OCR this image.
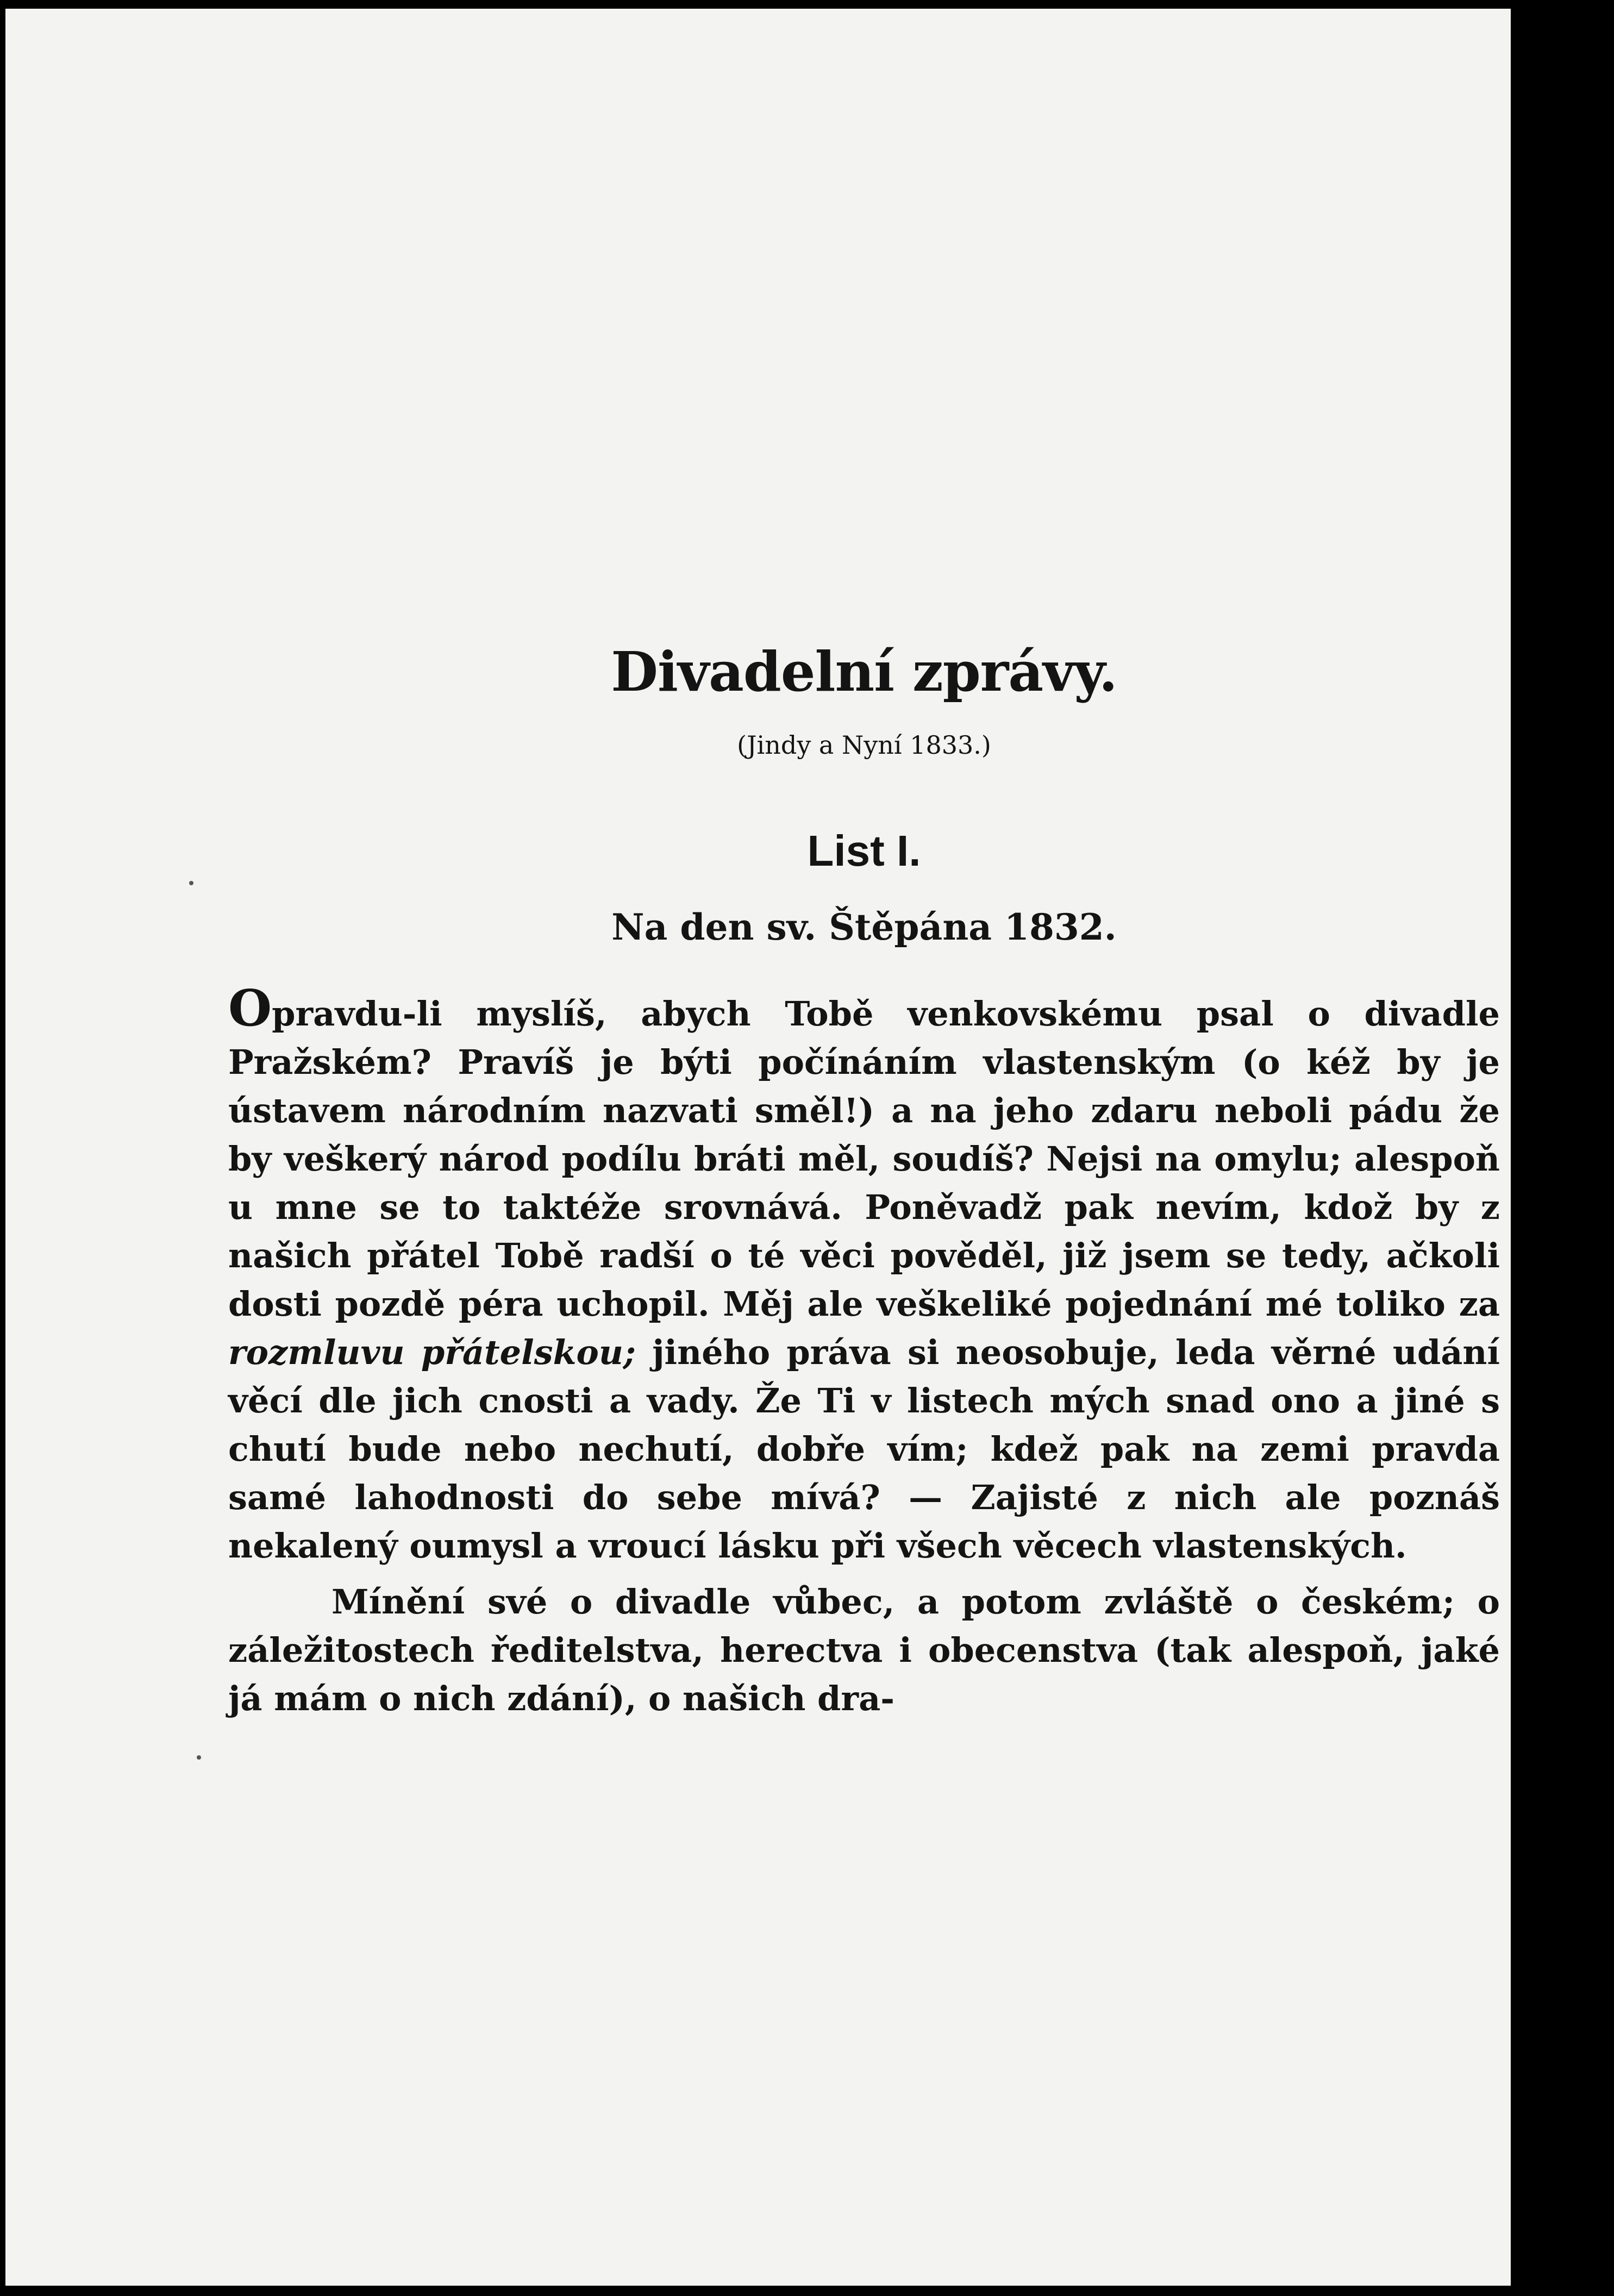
Divadelní zprávy.
(Jindy a Nyní 1833.)
List I.
Na den sv. Štěpána 1832.

Opravdu-li myslíš, abych Tobě venkovskému psal o divadle Pražském? Pravíš je býti počínáním vlastenským (o kéž by je ústavem národním nazvati směl!) a na jeho zdaru neboli pádu že by veškerý národ podílu bráti měl, soudíš? Nejsi na omylu; alespoň u mne se to taktéže srovnává. Poněvadž pak nevím, kdož by z našich přátel Tobě radší o té věci pověděl, již jsem se tedy, ačkoli dosti pozdě péra uchopil. Měj ale veškeliké pojednání mé toliko za rozmluvu přátelskou; jiného práva si neosobuje, leda věrné udání věcí dle jich cnosti a vady. Že Ti v listech mých snad ono a jiné s chutí bude nebo nechutí, dobře vím; kdež pak na zemi pravda samé lahodnosti do sebe mívá? — Zajisté z nich ale poznáš nekalený oumysl a vroucí lásku při všech věcech vlastenských.

Mínění své o divadle vůbec, a potom zvláště o českém; o záležitostech ředitelstva, herectva i obecenstva (tak alespoň, jaké já mám o nich zdání), o našich dra-
